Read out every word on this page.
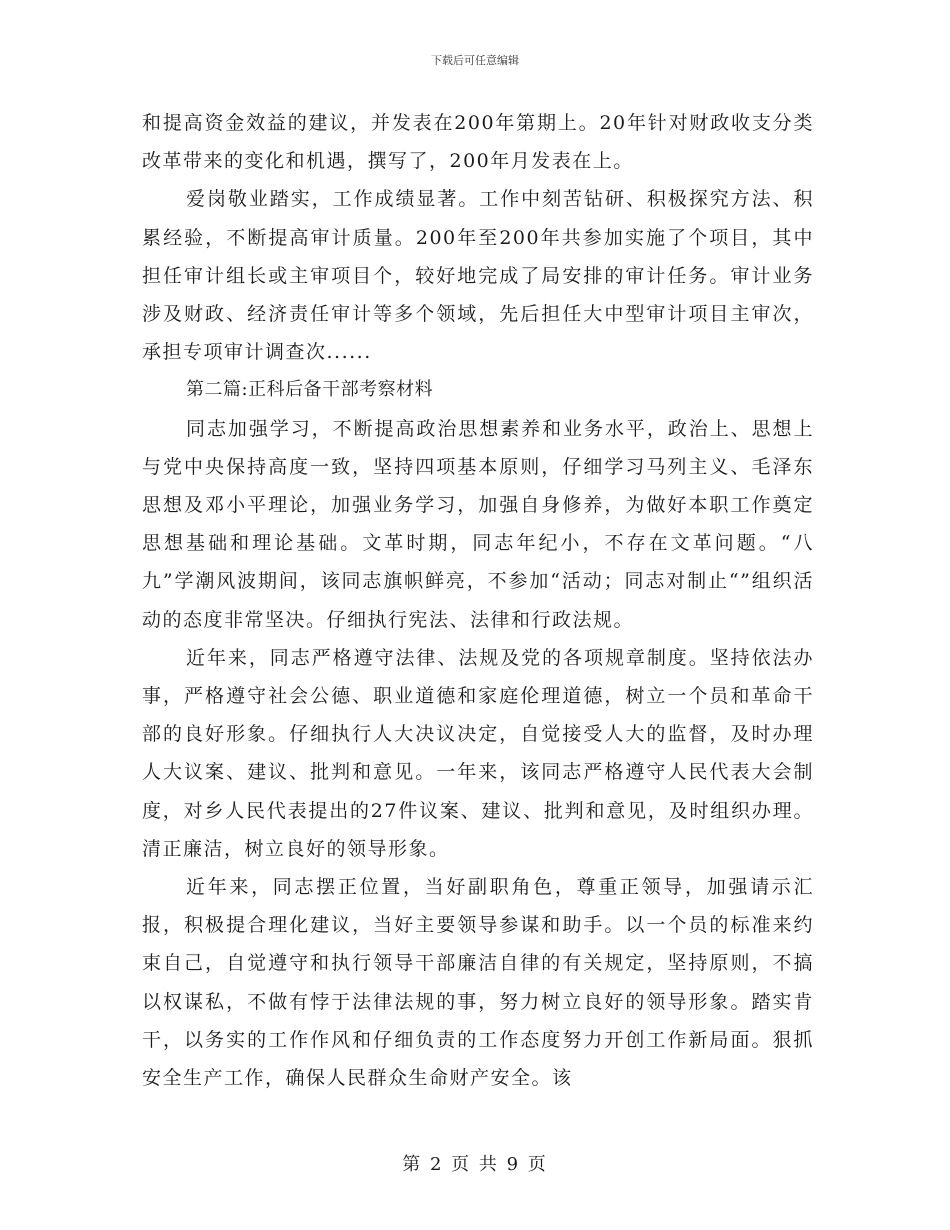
下载后可任意编辑

和提高资金效益的建议，并发表在200年第期上。20年针对财政收支分类改革带来的变化和机遇，撰写了，200年月发表在上。

爱岗敬业踏实，工作成绩显著。工作中刻苦钻研、积极探究方法、积累经验，不断提高审计质量。200年至200年共参加实施了个项目，其中担任审计组长或主审项目个，较好地完成了局安排的审计任务。审计业务涉及财政、经济责任审计等多个领域，先后担任大中型审计项目主审次，承担专项审计调查次......

第二篇:正科后备干部考察材料

同志加强学习，不断提高政治思想素养和业务水平，政治上、思想上与党中央保持高度一致，坚持四项基本原则，仔细学习马列主义、毛泽东思想及邓小平理论，加强业务学习，加强自身修养，为做好本职工作奠定思想基础和理论基础。文革时期，同志年纪小，不存在文革问题。“八九”学潮风波期间，该同志旗帜鲜亮，不参加“活动；同志对制止“”组织活动的态度非常坚决。仔细执行宪法、法律和行政法规。

近年来，同志严格遵守法律、法规及党的各项规章制度。坚持依法办事，严格遵守社会公德、职业道德和家庭伦理道德，树立一个员和革命干部的良好形象。仔细执行人大决议决定，自觉接受人大的监督，及时办理人大议案、建议、批判和意见。一年来，该同志严格遵守人民代表大会制度，对乡人民代表提出的27件议案、建议、批判和意见，及时组织办理。清正廉洁，树立良好的领导形象。

近年来，同志摆正位置，当好副职角色，尊重正领导，加强请示汇报，积极提合理化建议，当好主要领导参谋和助手。以一个员的标准来约束自己，自觉遵守和执行领导干部廉洁自律的有关规定，坚持原则，不搞以权谋私，不做有悖于法律法规的事，努力树立良好的领导形象。踏实肯干，以务实的工作作风和仔细负责的工作态度努力开创工作新局面。狠抓安全生产工作，确保人民群众生命财产安全。该

第 2 页 共 9 页
